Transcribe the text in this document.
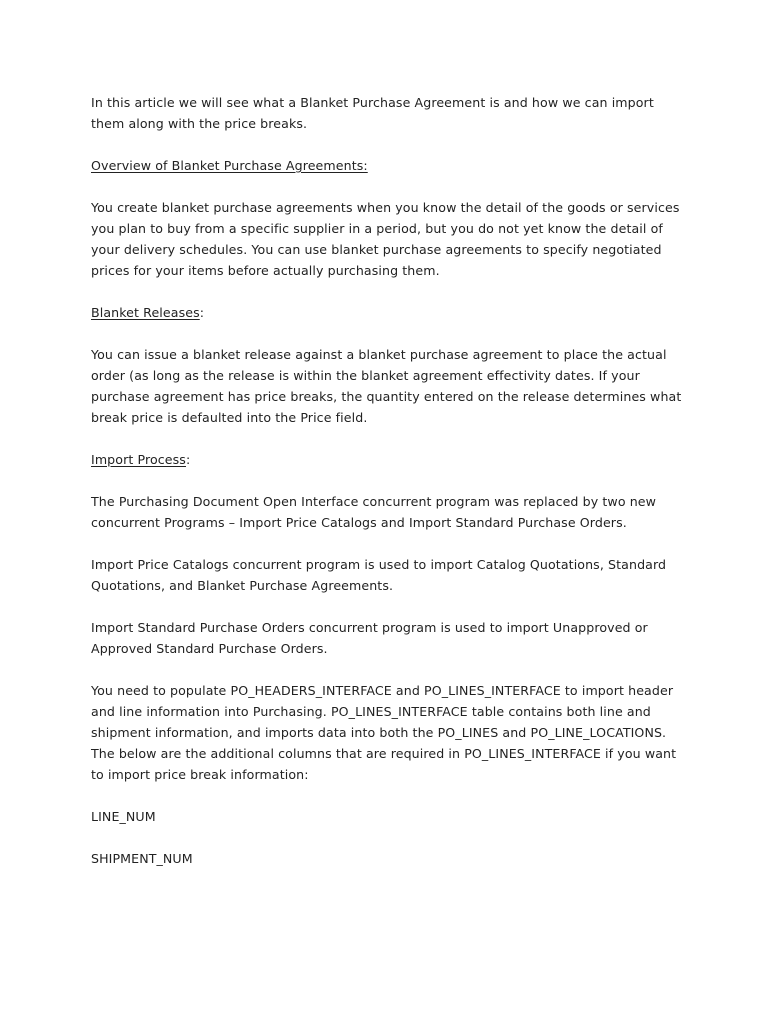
In this article we will see what a Blanket Purchase Agreement is and how we can import them along with the price breaks.

Overview of Blanket Purchase Agreements:

You create blanket purchase agreements when you know the detail of the goods or services you plan to buy from a specific supplier in a period, but you do not yet know the detail of your delivery schedules. You can use blanket purchase agreements to specify negotiated prices for your items before actually purchasing them.

Blanket Releases:

You can issue a blanket release against a blanket purchase agreement to place the actual order (as long as the release is within the blanket agreement effectivity dates. If your purchase agreement has price breaks, the quantity entered on the release determines what break price is defaulted into the Price field.

Import Process:

The Purchasing Document Open Interface concurrent program was replaced by two new concurrent Programs – Import Price Catalogs and Import Standard Purchase Orders.

Import Price Catalogs concurrent program is used to import Catalog Quotations, Standard Quotations, and Blanket Purchase Agreements.

Import Standard Purchase Orders concurrent program is used to import Unapproved or Approved Standard Purchase Orders.

You need to populate PO_HEADERS_INTERFACE and PO_LINES_INTERFACE to import header and line information into Purchasing. PO_LINES_INTERFACE table contains both line and shipment information, and imports data into both the PO_LINES and PO_LINE_LOCATIONS. The below are the additional columns that are required in PO_LINES_INTERFACE if you want to import price break information:

LINE_NUM

SHIPMENT_NUM
